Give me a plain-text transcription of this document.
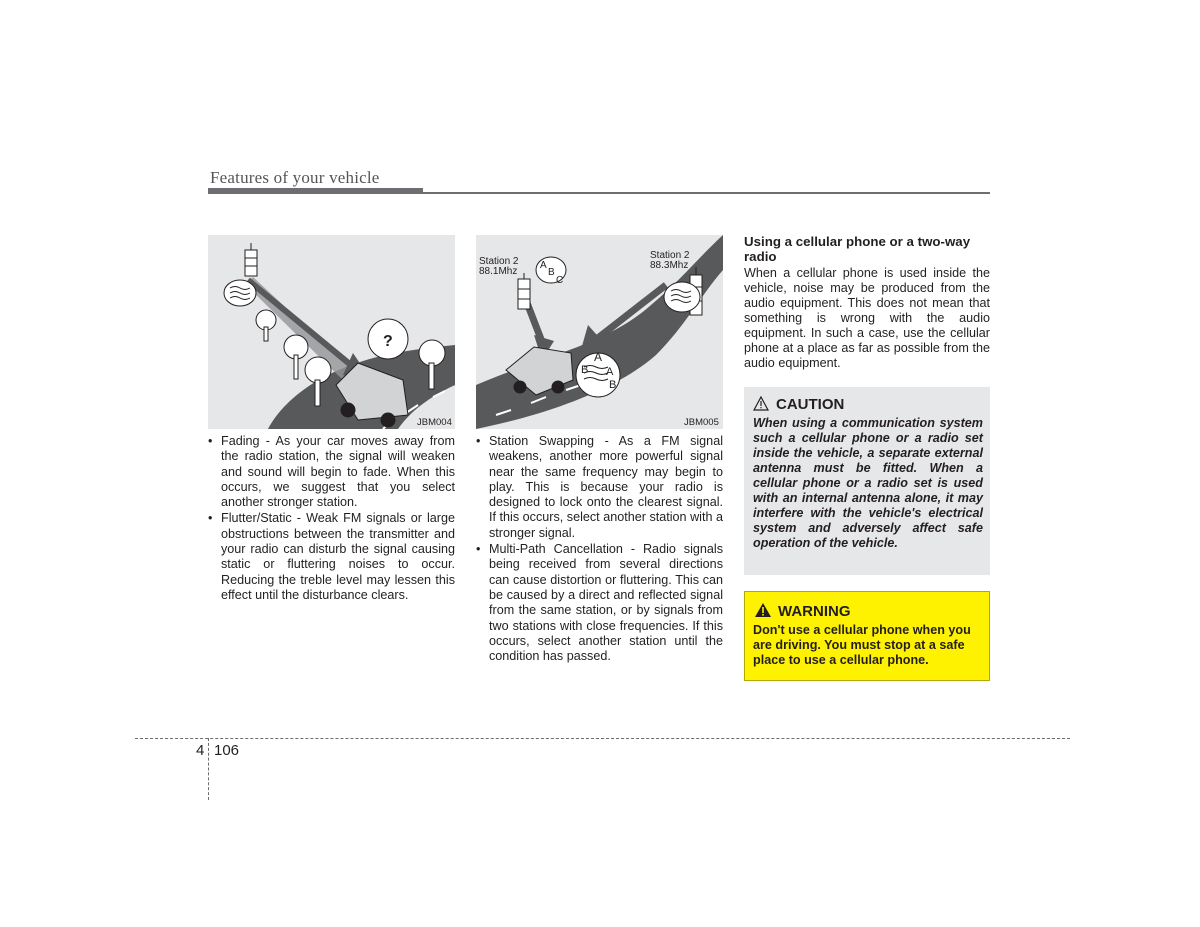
Features of your vehicle
?
JBM004
Station 2
88.1Mhz
Station 2
88.3Mhz
A
B
C
A
B A
B
JBM005
• Fading - As your car moves away from the radio station, the signal will weaken and sound will begin to fade. When this occurs, we suggest that you select another stronger station.
• Flutter/Static - Weak FM signals or large obstructions between the transmitter and your radio can disturb the signal causing static or fluttering noises to occur. Reducing the treble level may lessen this effect until the disturbance clears.
• Station Swapping - As a FM signal weakens, another more powerful signal near the same frequency may begin to play. This is because your radio is designed to lock onto the clearest signal. If this occurs, select another station with a stronger signal.
• Multi-Path Cancellation - Radio signals being received from several directions can cause distortion or fluttering. This can be caused by a direct and reflected signal from the same station, or by signals from two stations with close frequencies. If this occurs, select another station until the condition has passed.
Using a cellular phone or a two-way radio
When a cellular phone is used inside the vehicle, noise may be produced from the audio equipment. This does not mean that something is wrong with the audio equipment. In such a case, use the cellular phone at a place as far as possible from the audio equipment.
CAUTION
When using a communication system such a cellular phone or a radio set inside the vehicle, a separate external antenna must be fitted. When a cellular phone or a radio set is used with an internal antenna alone, it may interfere with the vehicle's electrical system and adversely affect safe operation of the vehicle.
WARNING
Don't use a cellular phone when you are driving. You must stop at a safe place to use a cellular phone.
4 106
